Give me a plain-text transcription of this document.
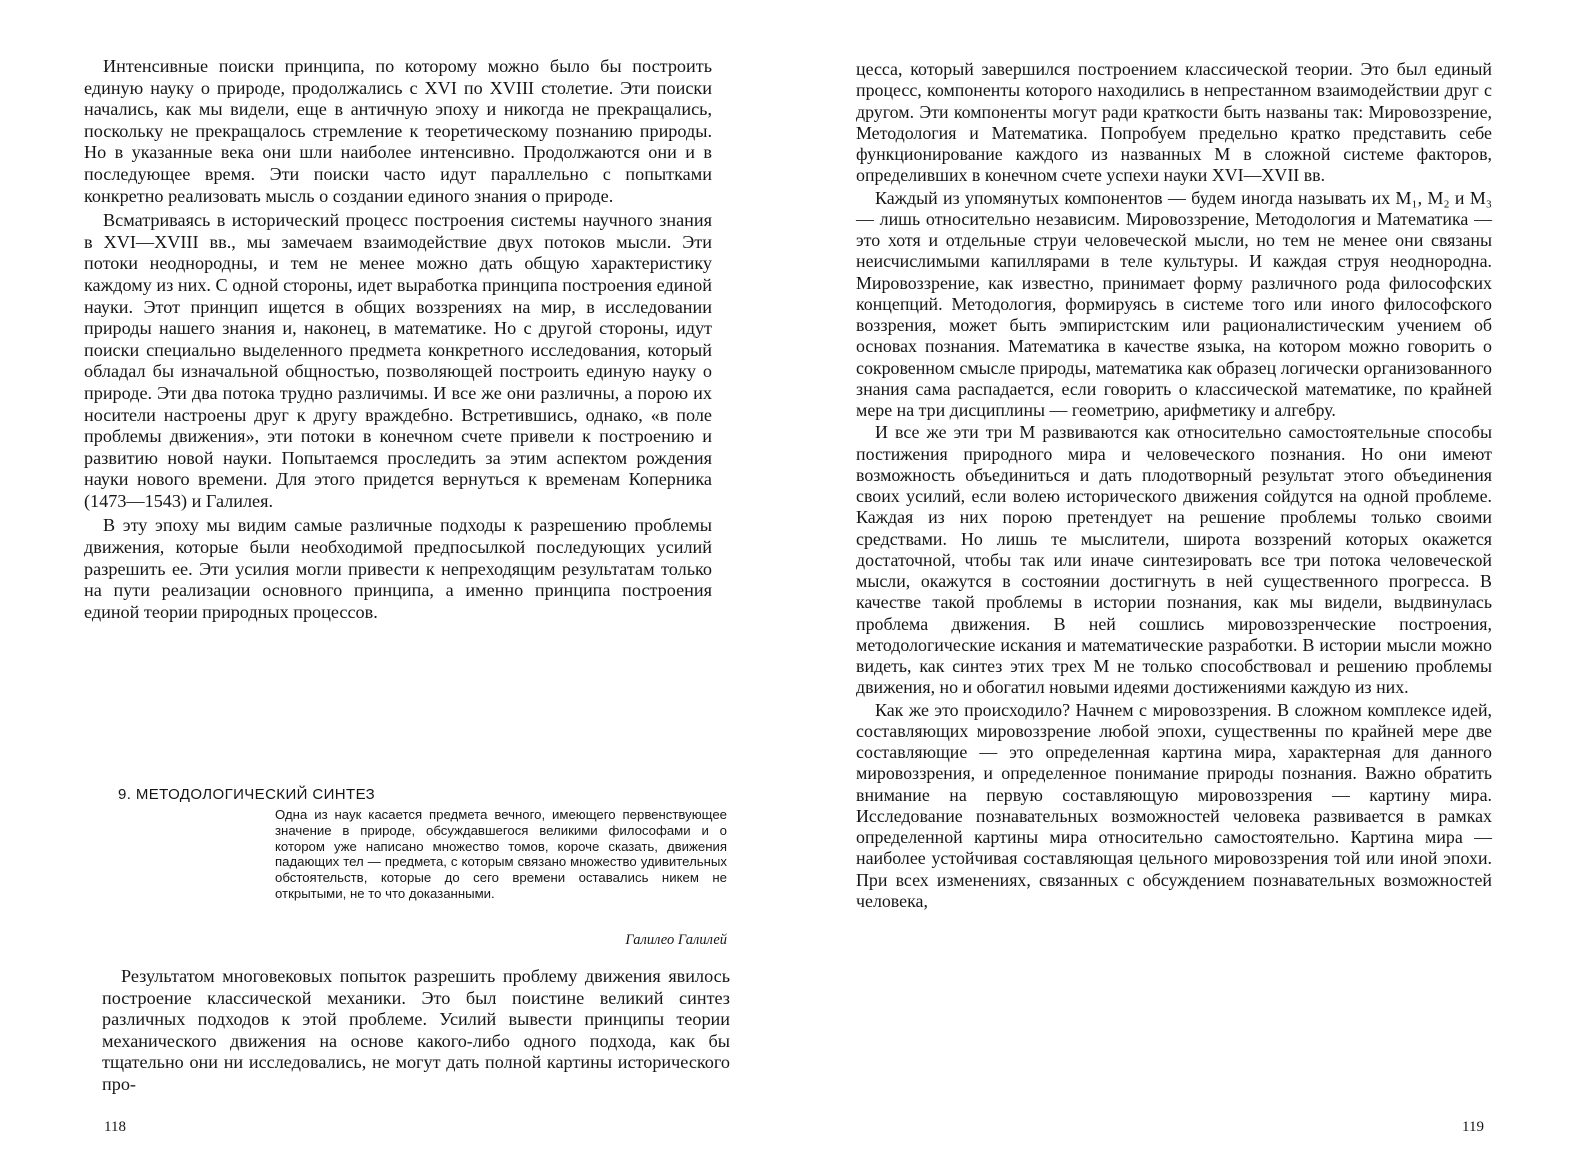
Интенсивные поиски принципа, по которому можно было бы построить единую науку о природе, продолжались с XVI по XVIII столетие. Эти поиски начались, как мы видели, еще в античную эпоху и никогда не прекращались, поскольку не прекращалось стремление к теоретическому познанию природы. Но в указанные века они шли наиболее интенсивно. Продолжаются они и в последующее время. Эти поиски часто идут параллельно с попытками конкретно реализовать мысль о создании единого знания о природе.

Всматриваясь в исторический процесс построения системы научного знания в XVI—XVIII вв., мы замечаем взаимодействие двух потоков мысли. Эти потоки неоднородны, и тем не менее можно дать общую характеристику каждому из них. С одной стороны, идет выработка принципа построения единой науки. Этот принцип ищется в общих воззрениях на мир, в исследовании природы нашего знания и, наконец, в математике. Но с другой стороны, идут поиски специально выделенного предмета конкретного исследования, который обладал бы изначальной общностью, позволяющей построить единую науку о природе. Эти два потока трудно различимы. И все же они различны, а порою их носители настроены друг к другу враждебно. Встретившись, однако, «в поле проблемы движения», эти потоки в конечном счете привели к построению и развитию новой науки. Попытаемся проследить за этим аспектом рождения науки нового времени. Для этого придется вернуться к временам Коперника (1473—1543) и Галилея.

В эту эпоху мы видим самые различные подходы к разрешению проблемы движения, которые были необходимой предпосылкой последующих усилий разрешить ее. Эти усилия могли привести к непреходящим результатам только на пути реализации основного принципа, а именно принципа построения единой теории природных процессов.

9. МЕТОДОЛОГИЧЕСКИЙ СИНТЕЗ
Одна из наук касается предмета вечного, имеющего первенствующее значение в природе, обсуждавшегося великими философами и о котором уже написано множество томов, короче сказать, движения падающих тел — предмета, с которым связано множество удивительных обстоятельств, которые до сего времени оставались никем не открытыми, не то что доказанными.
Галилео Галилей

Результатом многовековых попыток разрешить проблему движения явилось построение классической механики. Это был поистине великий синтез различных подходов к этой проблеме. Усилий вывести принципы теории механического движения на основе какого-либо одного подхода, как бы тщательно они ни исследовались, не могут дать полной картины исторического про-

118

цесса, который завершился построением классической теории. Это был единый процесс, компоненты которого находились в непрестанном взаимодействии друг с другом. Эти компоненты могут ради краткости быть названы так: Мировоззрение, Методология и Математика. Попробуем предельно кратко представить себе функционирование каждого из названных М в сложной системе факторов, определивших в конечном счете успехи науки XVI—XVII вв.

Каждый из упомянутых компонентов — будем иногда называть их M₁, M₂ и M₃ — лишь относительно независим. Мировоззрение, Методология и Математика — это хотя и отдельные струи человеческой мысли, но тем не менее они связаны неисчислимыми капиллярами в теле культуры. И каждая струя неоднородна. Мировоззрение, как известно, принимает форму различного рода философских концепций. Методология, формируясь в системе того или иного философского воззрения, может быть эмпиристским или рационалистическим учением об основах познания. Математика в качестве языка, на котором можно говорить о сокровенном смысле природы, математика как образец логически организованного знания сама распадается, если говорить о классической математике, по крайней мере на три дисциплины — геометрию, арифметику и алгебру.

И все же эти три М развиваются как относительно самостоятельные способы постижения природного мира и человеческого познания. Но они имеют возможность объединиться и дать плодотворный результат этого объединения своих усилий, если волею исторического движения сойдутся на одной проблеме. Каждая из них порою претендует на решение проблемы только своими средствами. Но лишь те мыслители, широта воззрений которых окажется достаточной, чтобы так или иначе синтезировать все три потока человеческой мысли, окажутся в состоянии достигнуть в ней существенного прогресса. В качестве такой проблемы в истории познания, как мы видели, выдвинулась проблема движения. В ней сошлись мировоззренческие построения, методологические искания и математические разработки. В истории мысли можно видеть, как синтез этих трех М не только способствовал и решению проблемы движения, но и обогатил новыми идеями достижениями каждую из них.

Как же это происходило? Начнем с мировоззрения. В сложном комплексе идей, составляющих мировоззрение любой эпохи, существенны по крайней мере две составляющие — это определенная картина мира, характерная для данного мировоззрения, и определенное понимание природы познания. Важно обратить внимание на первую составляющую мировоззрения — картину мира. Исследование познавательных возможностей человека развивается в рамках определенной картины мира относительно самостоятельно. Картина мира — наиболее устойчивая составляющая цельного мировоззрения той или иной эпохи. При всех изменениях, связанных с обсуждением познавательных возможностей человека,

119
